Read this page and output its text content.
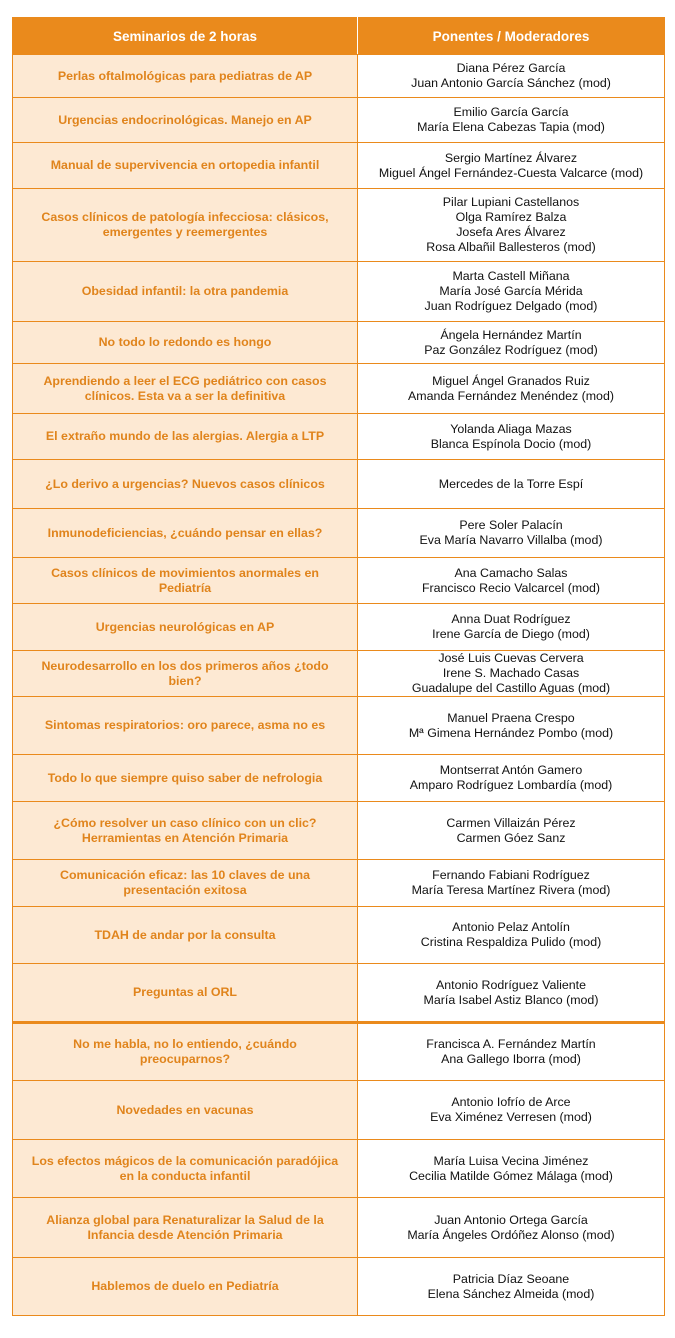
Seminarios de 2 horas	Ponentes / Moderadores

Perlas oftalmológicas para pediatras de AP	Diana Pérez García
Juan Antonio García Sánchez (mod)

Urgencias endocrinológicas. Manejo en AP	Emilio García García
María Elena Cabezas Tapia (mod)

Manual de supervivencia en ortopedia infantil	Sergio Martínez Álvarez
Miguel Ángel Fernández-Cuesta Valcarce (mod)

Casos clínicos de patología infecciosa: clásicos, emergentes y reemergentes	Pilar Lupiani Castellanos
Olga Ramírez Balza
Josefa Ares Álvarez
Rosa Albañil Ballesteros (mod)

Obesidad infantil: la otra pandemia	Marta Castell Miñana
María José García Mérida
Juan Rodríguez Delgado (mod)

No todo lo redondo es hongo	Ángela Hernández Martín
Paz González Rodríguez (mod)

Aprendiendo a leer el ECG pediátrico con casos clínicos. Esta va a ser la definitiva	Miguel Ángel Granados Ruiz
Amanda Fernández Menéndez (mod)

El extraño mundo de las alergias. Alergia a LTP	Yolanda Aliaga Mazas
Blanca Espínola Docio (mod)

¿Lo derivo a urgencias? Nuevos casos clínicos	Mercedes de la Torre Espí

Inmunodeficiencias, ¿cuándo pensar en ellas?	Pere Soler Palacín
Eva María Navarro Villalba (mod)

Casos clínicos de movimientos anormales en Pediatría	Ana Camacho Salas
Francisco Recio Valcarcel (mod)

Urgencias neurológicas en AP	Anna Duat Rodríguez
Irene García de Diego (mod)

Neurodesarrollo en los dos primeros años ¿todo bien?	José Luis Cuevas Cervera
Irene S. Machado Casas
Guadalupe del Castillo Aguas (mod)

Sintomas respiratorios: oro parece, asma no es	Manuel Praena Crespo
Mª Gimena Hernández Pombo (mod)

Todo lo que siempre quiso saber de nefrologia	Montserrat Antón Gamero
Amparo Rodríguez Lombardía (mod)

¿Cómo resolver un caso clínico con un clic? Herramientas en Atención Primaria	Carmen Villaizán Pérez
Carmen Góez Sanz

Comunicación eficaz: las 10 claves de una presentación exitosa	Fernando Fabiani Rodríguez
María Teresa Martínez Rivera (mod)

TDAH de andar por la consulta	Antonio Pelaz Antolín
Cristina Respaldiza Pulido (mod)

Preguntas al ORL	Antonio Rodríguez Valiente
María Isabel Astiz Blanco (mod)

No me habla, no lo entiendo, ¿cuándo preocuparnos?	Francisca A. Fernández Martín
Ana Gallego Iborra (mod)

Novedades en vacunas	Antonio Iofrío de Arce
Eva Ximénez Verresen (mod)

Los efectos mágicos de la comunicación paradójica en la conducta infantil	María Luisa Vecina Jiménez
Cecilia Matilde Gómez Málaga (mod)

Alianza global para Renaturalizar la Salud de la Infancia desde Atención Primaria	Juan Antonio Ortega García
María Ángeles Ordóñez Alonso (mod)

Hablemos de duelo en Pediatría	Patricia Díaz Seoane
Elena Sánchez Almeida (mod)
